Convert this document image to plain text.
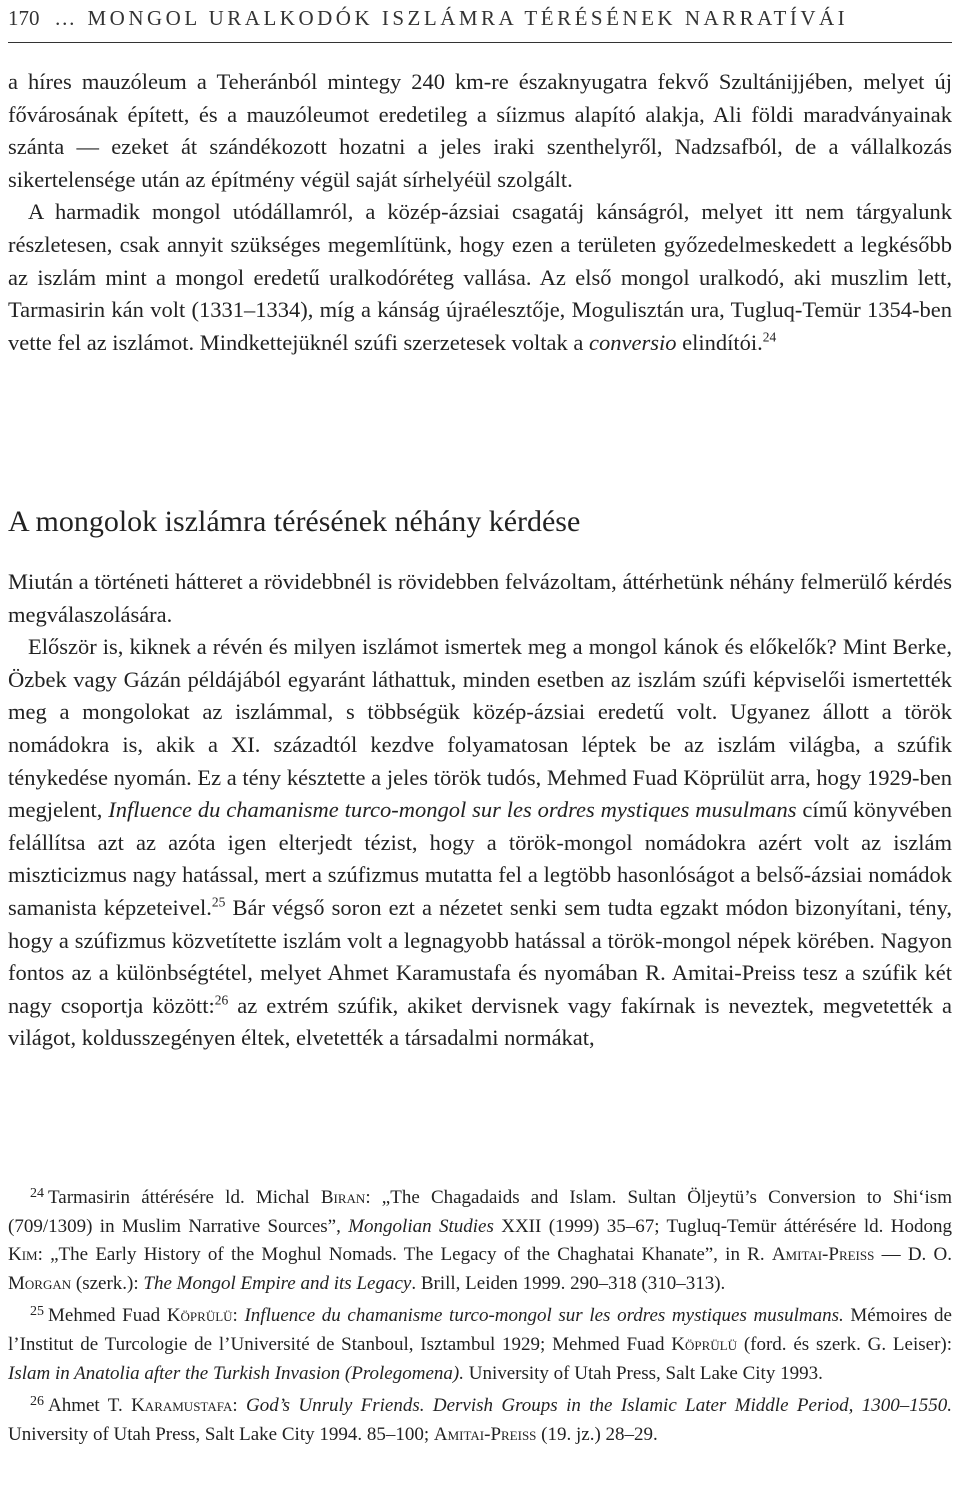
170 … MONGOL URALKODÓK ISZLÁMRA TÉRÉSÉNEK NARRATÍVÁI

a híres mauzóleum a Teheránból mintegy 240 km-re északnyugatra fekvő Szultánijjében, melyet új fővárosának épített, és a mauzóleumot eredetileg a síizmus alapító alakja, Ali földi maradványainak szánta — ezeket át szándékozott hozatni a jeles iraki szenthelyről, Nadzsafból, de a vállalkozás sikertelensége után az építmény végül saját sírhelyéül szolgált.

A harmadik mongol utódállamról, a közép-ázsiai csagatáj kánságról, melyet itt nem tárgyalunk részletesen, csak annyit szükséges megemlítünk, hogy ezen a területen győzedelmeskedett a legkésőbb az iszlám mint a mongol eredetű uralkodóréteg vallása. Az első mongol uralkodó, aki muszlim lett, Tarmasirin kán volt (1331–1334), míg a kánság újraélesztője, Mogulisztán ura, Tugluq-Temür 1354-ben vette fel az iszlámot. Mindkettejüknél szúfi szerzetesek voltak a conversio elindítói.$^{24}$

A mongolok iszlámra térésének néhány kérdése

Miután a történeti hátteret a rövidebbnél is rövidebben felvázoltam, áttérhetünk néhány felmerülő kérdés megválaszolására.

Először is, kiknek a révén és milyen iszlámot ismertek meg a mongol kánok és előkelők? Mint Berke, Özbek vagy Gázán példájából egyaránt láthattuk, minden esetben az iszlám szúfi képviselői ismertették meg a mongolokat az iszlámmal, s többségük közép-ázsiai eredetű volt. Ugyanez állott a török nomádokra is, akik a XI. századtól kezdve folyamatosan léptek be az iszlám világba, a szúfik ténykedése nyomán. Ez a tény késztette a jeles török tudós, Mehmed Fuad Köprülüt arra, hogy 1929-ben megjelent, Influence du chamanisme turco-mongol sur les ordres mystiques musulmans című könyvében felállítsa azt az azóta igen elterjedt tézist, hogy a török-mongol nomádokra azért volt az iszlám miszticizmus nagy hatással, mert a szúfizmus mutatta fel a legtöbb hasonlóságot a belső-ázsiai nomádok samanista képzeteivel.$^{25}$ Bár végső soron ezt a nézetet senki sem tudta egzakt módon bizonyítani, tény, hogy a szúfizmus közvetítette iszlám volt a legnagyobb hatással a török-mongol népek körében. Nagyon fontos az a különbségtétel, melyet Ahmet Karamustafa és nyomában R. Amitai-Preiss tesz a szúfik két nagy csoportja között:$^{26}$ az extrém szúfik, akiket dervisnek vagy fakírnak is neveztek, megvetették a világot, koldusszegényen éltek, elvetették a társadalmi normákat,

$^{24}$ Tarmasirin áttérésére ld. Michal Biran: „The Chagadaids and Islam. Sultan Öljeytü’s Conversion to Shi‘ism (709/1309) in Muslim Narrative Sources”, Mongolian Studies XXII (1999) 35–67; Tugluq-Temür áttérésére ld. Hodong Kim: „The Early History of the Moghul Nomads. The Legacy of the Chaghatai Khanate”, in R. Amitai-Preiss — D. O. Morgan (szerk.): The Mongol Empire and its Legacy. Brill, Leiden 1999. 290–318 (310–313).

$^{25}$ Mehmed Fuad Köprülü: Influence du chamanisme turco-mongol sur les ordres mystiques musulmans. Mémoires de l’Institut de Turcologie de l’Université de Stanboul, Isztambul 1929; Mehmed Fuad Köprülü (ford. és szerk. G. Leiser): Islam in Anatolia after the Turkish Invasion (Prolegomena). University of Utah Press, Salt Lake City 1993.

$^{26}$ Ahmet T. Karamustafa: God’s Unruly Friends. Dervish Groups in the Islamic Later Middle Period, 1300–1550. University of Utah Press, Salt Lake City 1994. 85–100; Amitai-Preiss (19. jz.) 28–29.
